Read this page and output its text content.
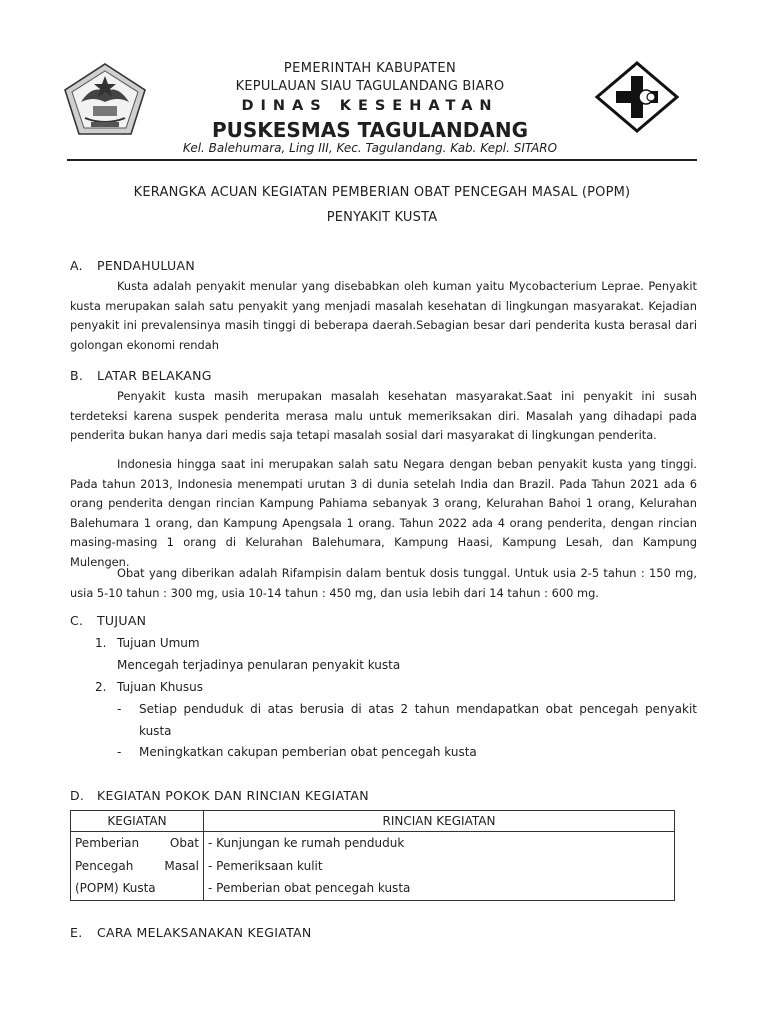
PEMERINTAH KABUPATEN
KEPULAUAN SIAU TAGULANDANG BIARO
DINAS KESEHATAN
PUSKESMAS TAGULANDANG
Kel. Balehumara, Ling III, Kec. Tagulandang. Kab. Kepl. SITARO
KERANGKA ACUAN KEGIATAN PEMBERIAN OBAT PENCEGAH MASAL (POPM)
PENYAKIT KUSTA
A. PENDAHULUAN

Kusta adalah penyakit menular yang disebabkan oleh kuman yaitu Mycobacterium Leprae. Penyakit kusta merupakan salah satu penyakit yang menjadi masalah kesehatan di lingkungan masyarakat. Kejadian penyakit ini prevalensinya masih tinggi di beberapa daerah.Sebagian besar dari penderita kusta berasal dari golongan ekonomi rendah

B. LATAR BELAKANG

Penyakit kusta masih merupakan masalah kesehatan masyarakat.Saat ini penyakit ini susah terdeteksi karena suspek penderita merasa malu untuk memeriksakan diri. Masalah yang dihadapi pada penderita bukan hanya dari medis saja tetapi masalah sosial dari masyarakat di lingkungan penderita.

Indonesia hingga saat ini merupakan salah satu Negara dengan beban penyakit kusta yang tinggi. Pada tahun 2013, Indonesia menempati urutan 3 di dunia setelah India dan Brazil. Pada Tahun 2021 ada 6 orang penderita dengan rincian Kampung Pahiama sebanyak 3 orang, Kelurahan Bahoi 1 orang, Kelurahan Balehumara 1 orang, dan Kampung Apengsala 1 orang. Tahun 2022 ada 4 orang penderita, dengan rincian masing-masing 1 orang di Kelurahan Balehumara, Kampung Haasi, Kampung Lesah, dan Kampung Mulengen.

Obat yang diberikan adalah Rifampisin dalam bentuk dosis tunggal. Untuk usia 2-5 tahun : 150 mg, usia 5-10 tahun : 300 mg, usia 10-14 tahun : 450 mg, dan usia lebih dari 14 tahun : 600 mg.

C. TUJUAN
1. Tujuan Umum
Mencegah terjadinya penularan penyakit kusta
2. Tujuan Khusus
- Setiap penduduk di atas berusia di atas 2 tahun mendapatkan obat pencegah penyakit kusta
- Meningkatkan cakupan pemberian obat pencegah kusta
D. KEGIATAN POKOK DAN RINCIAN KEGIATAN
KEGIATAN	RINCIAN KEGIATAN

Pemberian Obat
Pencegah Masal
(POPM) Kusta	- Kunjungan ke rumah penduduk
- Pemeriksaan kulit
- Pemberian obat pencegah kusta
E. CARA MELAKSANAKAN KEGIATAN
